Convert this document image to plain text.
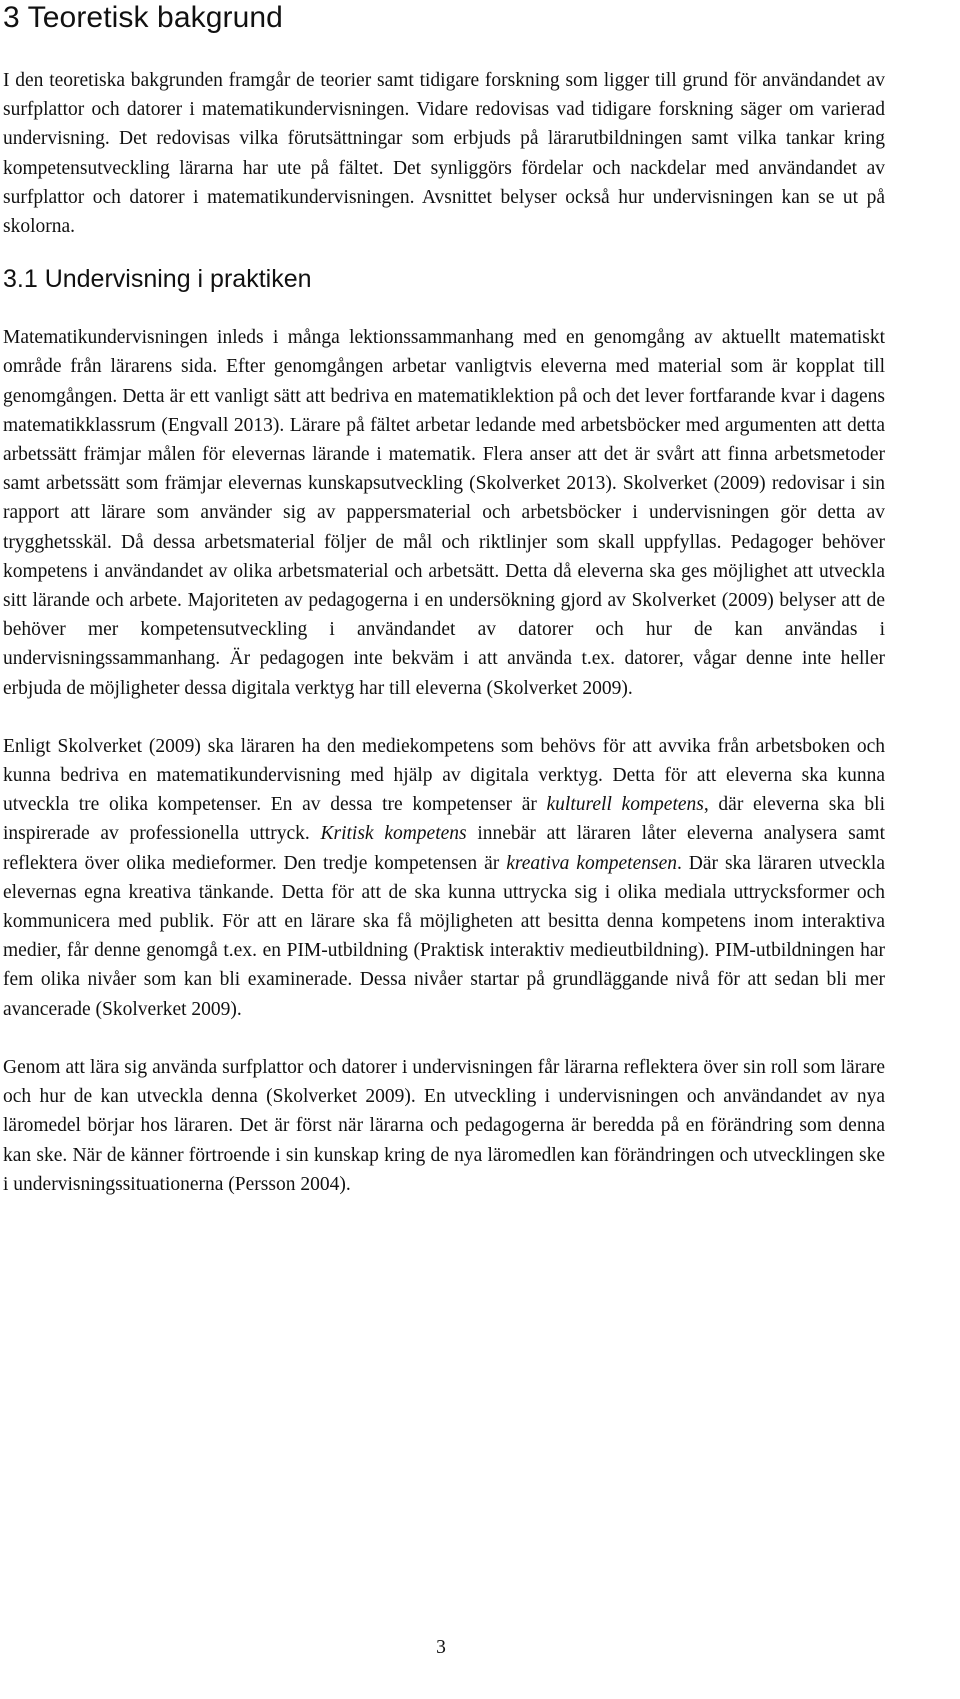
3 Teoretisk bakgrund

I den teoretiska bakgrunden framgår de teorier samt tidigare forskning som ligger till grund för användandet av surfplattor och datorer i matematikundervisningen. Vidare redovisas vad tidigare forskning säger om varierad undervisning. Det redovisas vilka förutsättningar som erbjuds på lärarutbildningen samt vilka tankar kring kompetensutveckling lärarna har ute på fältet. Det synliggörs fördelar och nackdelar med användandet av surfplattor och datorer i matematikundervisningen. Avsnittet belyser också hur undervisningen kan se ut på skolorna.

3.1 Undervisning i praktiken

Matematikundervisningen inleds i många lektionssammanhang med en genomgång av aktuellt matematiskt område från lärarens sida. Efter genomgången arbetar vanligtvis eleverna med material som är kopplat till genomgången. Detta är ett vanligt sätt att bedriva en matematiklektion på och det lever fortfarande kvar i dagens matematikklassrum (Engvall 2013). Lärare på fältet arbetar ledande med arbetsböcker med argumenten att detta arbetssätt främjar målen för elevernas lärande i matematik. Flera anser att det är svårt att finna arbetsmetoder samt arbetssätt som främjar elevernas kunskapsutveckling (Skolverket 2013). Skolverket (2009) redovisar i sin rapport att lärare som använder sig av pappersmaterial och arbetsböcker i undervisningen gör detta av trygghetsskäl. Då dessa arbetsmaterial följer de mål och riktlinjer som skall uppfyllas. Pedagoger behöver kompetens i användandet av olika arbetsmaterial och arbetsätt. Detta då eleverna ska ges möjlighet att utveckla sitt lärande och arbete. Majoriteten av pedagogerna i en undersökning gjord av Skolverket (2009) belyser att de behöver mer kompetensutveckling i användandet av datorer och hur de kan användas i undervisningssammanhang. Är pedagogen inte bekväm i att använda t.ex. datorer, vågar denne inte heller erbjuda de möjligheter dessa digitala verktyg har till eleverna (Skolverket 2009).

Enligt Skolverket (2009) ska läraren ha den mediekompetens som behövs för att avvika från arbetsboken och kunna bedriva en matematikundervisning med hjälp av digitala verktyg. Detta för att eleverna ska kunna utveckla tre olika kompetenser. En av dessa tre kompetenser är kulturell kompetens, där eleverna ska bli inspirerade av professionella uttryck. Kritisk kompetens innebär att läraren låter eleverna analysera samt reflektera över olika medieformer. Den tredje kompetensen är kreativa kompetensen. Där ska läraren utveckla elevernas egna kreativa tänkande. Detta för att de ska kunna uttrycka sig i olika mediala uttrycksformer och kommunicera med publik. För att en lärare ska få möjligheten att besitta denna kompetens inom interaktiva medier, får denne genomgå t.ex. en PIM-utbildning (Praktisk interaktiv medieutbildning). PIM-utbildningen har fem olika nivåer som kan bli examinerade. Dessa nivåer startar på grundläggande nivå för att sedan bli mer avancerade (Skolverket 2009).

Genom att lära sig använda surfplattor och datorer i undervisningen får lärarna reflektera över sin roll som lärare och hur de kan utveckla denna (Skolverket 2009). En utveckling i undervisningen och användandet av nya läromedel börjar hos läraren. Det är först när lärarna och pedagogerna är beredda på en förändring som denna kan ske. När de känner förtroende i sin kunskap kring de nya läromedlen kan förändringen och utvecklingen ske i undervisningssituationerna (Persson 2004).

3
